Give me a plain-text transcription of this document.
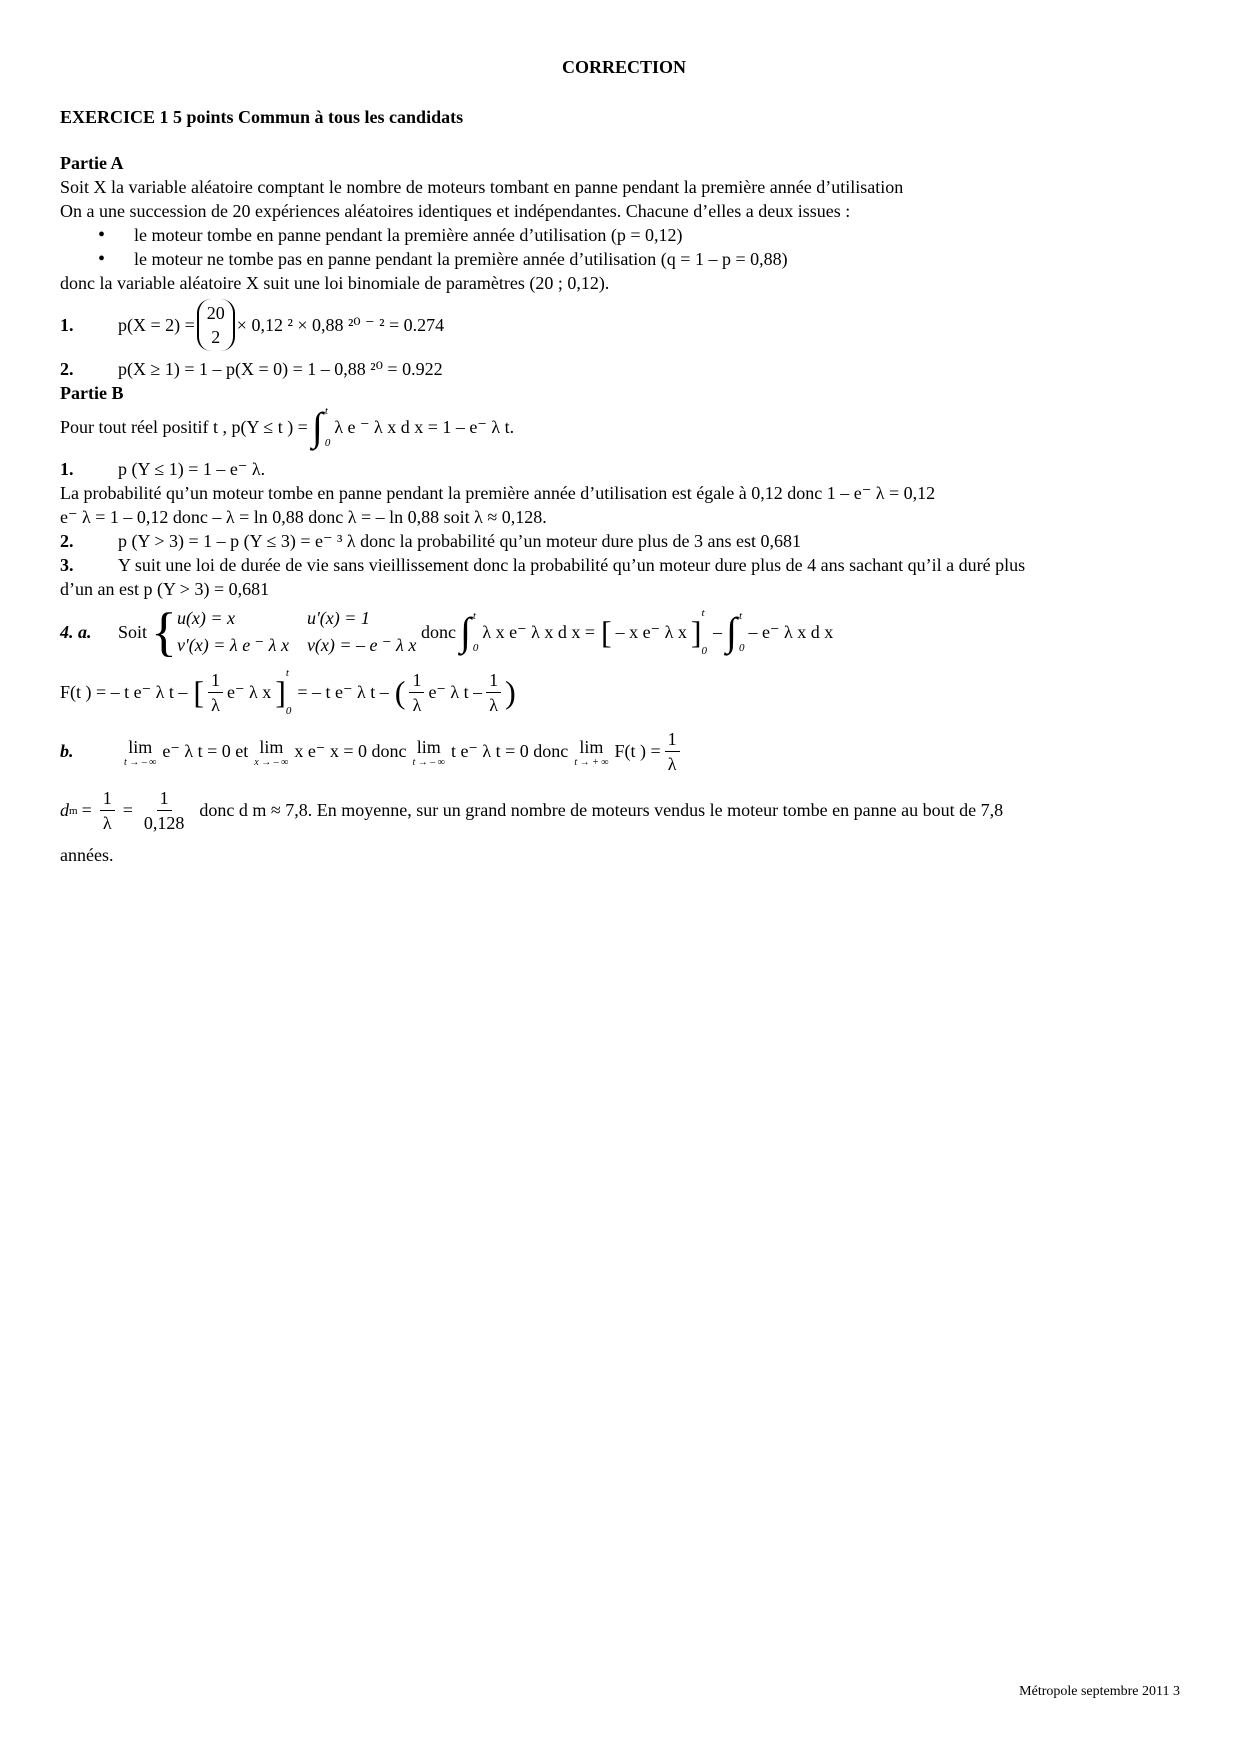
CORRECTION
EXERCICE 1 5 points Commun à tous les candidats
Partie A
Soit X la variable aléatoire comptant le nombre de moteurs tombant en panne pendant la première année d’utilisation
On a une succession de 20 expériences aléatoires identiques et indépendantes. Chacune d’elles a deux issues :
• le moteur tombe en panne pendant la première année d’utilisation (p = 0,12)
• le moteur ne tombe pas en panne pendant la première année d’utilisation (q = 1 – p = 0,88)
donc la variable aléatoire X suit une loi binomiale de paramètres (20 ; 0,12).
1.	p(X = 2) =
20
2
× 0,12 ² × 0,88 ²⁰ ⁻ ² = 0.274
2. p(X ≥ 1) = 1 – p(X = 0) = 1 – 0,88 ²⁰ = 0.922
Partie B
Pour tout réel positif t , p(Y ≤ t ) = ∫ t
0
λ e ⁻ λ x d x = 1 – e⁻ λ t.
1. p (Y ≤ 1) = 1 – e⁻ λ.
La probabilité qu’un moteur tombe en panne pendant la première année d’utilisation est égale à 0,12 donc 1 – e⁻ λ = 0,12
e⁻ λ = 1 – 0,12 donc – λ = ln 0,88 donc λ = – ln 0,88 soit λ ≈ 0,128.
2. p (Y > 3) = 1 – p (Y ≤ 3) = e⁻ ³ λ donc la probabilité qu’un moteur dure plus de 3 ans est 0,681
3. Y suit une loi de durée de vie sans vieillissement donc la probabilité qu’un moteur dure plus de 4 ans sachant qu’il a duré plus
d’un an est p (Y > 3) = 0,681
4. a.	Soit { u(x) = x	u'(x) = 1
v'(x) = λ e ⁻ λ x v(x) = – e ⁻ λ x
donc ∫ t
0
λ x e⁻ λ x d x = [ – x e⁻ λ x ]
t
0
– ∫ t
0
– e⁻ λ x d x
F(t ) = – t e⁻ λ t – [ $\frac{1}{\lambda} e^-$ λ x ]
t
0
= – t e⁻ λ t – ( $\frac{1}{\lambda} e^-$ λ t – $\frac{1}{\lambda}$ )
b.	lim
t → – ∞
e⁻ λ t = 0 et lim
x → – ∞
x e⁻ x = 0 donc lim
t → – ∞
t e⁻ λ t = 0 donc lim
t → + ∞
F(t ) = $\frac{1}{\lambda}$
d $m = \frac{1}{\lambda} = \frac{1}{0,128}$ donc d m ≈ 7,8. En moyenne, sur un grand nombre de moteurs vendus le moteur tombe en panne au bout de 7,8
années.
Métropole septembre 2011 3
